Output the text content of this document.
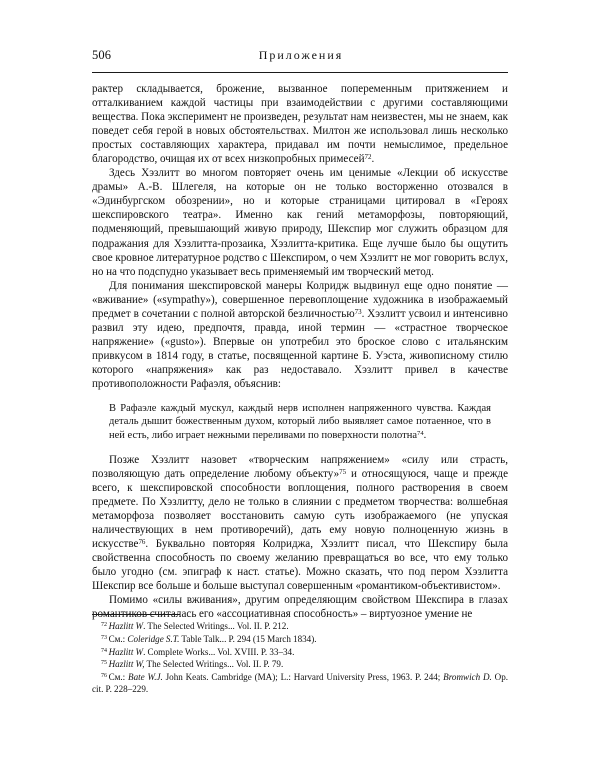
506	Приложения

рактер складывается, брожение, вызванное попеременным притяжением и отталкиванием каждой частицы при взаимодействии с другими составляющими вещества. Пока эксперимент не произведен, результат нам неизвестен, мы не знаем, как поведет себя герой в новых обстоятельствах. Милтон же использовал лишь несколько простых составляющих характера, придавал им почти немыслимое, предельное благородство, очищая их от всех низкопробных примесей$^{72}$.

Здесь Хэзлитт во многом повторяет очень им ценимые «Лекции об искусстве драмы» А.-В. Шлегеля, на которые он не только восторженно отозвался в «Эдинбургском обозрении», но и которые страницами цитировал в «Героях шекспировского театра». Именно как гений метаморфозы, повторяющий, подменяющий, превышающий живую природу, Шекспир мог служить образцом для подражания для Хэзлитта-прозаика, Хэзлитта-критика. Еще лучше было бы ощутить свое кровное литературное родство с Шекспиром, о чем Хэзлитт не мог говорить вслух, но на что подспудно указывает весь применяемый им творческий метод.

Для понимания шекспировской манеры Колридж выдвинул еще одно понятие — «вживание» («sympathy»), совершенное перевоплощение художника в изображаемый предмет в сочетании с полной авторской безличностью$^{73}$. Хэзлитт усвоил и интенсивно развил эту идею, предпочтя, правда, иной термин — «страстное творческое напряжение» («gusto»). Впервые он употребил это броское слово с итальянским привкусом в 1814 году, в статье, посвященной картине Б. Уэста, живописному стилю которого «напряжения» как раз недоставало. Хэзлитт привел в качестве противоположности Рафаэля, объяснив:

В Рафаэле каждый мускул, каждый нерв исполнен напряженного чувства. Каждая деталь дышит божественным духом, который либо выявляет самое потаенное, что в ней есть, либо играет нежными переливами по поверхности полотна$^{74}$.

Позже Хэзлитт назовет «творческим напряжением» «силу или страсть, позволяющую дать определение любому объекту»$^{75}$ и относящуюся, чаще и прежде всего, к шекспировской способности воплощения, полного растворения в своем предмете. По Хэзлитту, дело не только в слиянии с предметом творчества: волшебная метаморфоза позволяет восстановить самую суть изображаемого (не упуская наличествующих в нем противоречий), дать ему новую полноценную жизнь в искусстве$^{76}$. Буквально повторяя Колриджа, Хэзлитт писал, что Шекспиру была свойственна способность по своему желанию превращаться во все, что ему только было угодно (см. эпиграф к наст. статье). Можно сказать, что под пером Хэзлитта Шекспир все больше и больше выступал совершенным «романтиком-объективистом».

Помимо «силы вживания», другим определяющим свойством Шекспира в глазах романтиков считалась его «ассоциативная способность» – виртуозное умение не

$^{72}$ Hazlitt W. The Selected Writings... Vol. II. P. 212.

$^{73}$ См.: Coleridge S.T. Table Talk... P. 294 (15 March 1834).

$^{74}$ Hazlitt W. Complete Works... Vol. XVIII. P. 33–34.

$^{75}$ Hazlitt W, The Selected Writings... Vol. II. P. 79.

$^{76}$ См.: Bate W.J. John Keats. Cambridge (MA); L.: Harvard University Press, 1963. P. 244; Bromwich D. Op. cit. P. 228–229.
